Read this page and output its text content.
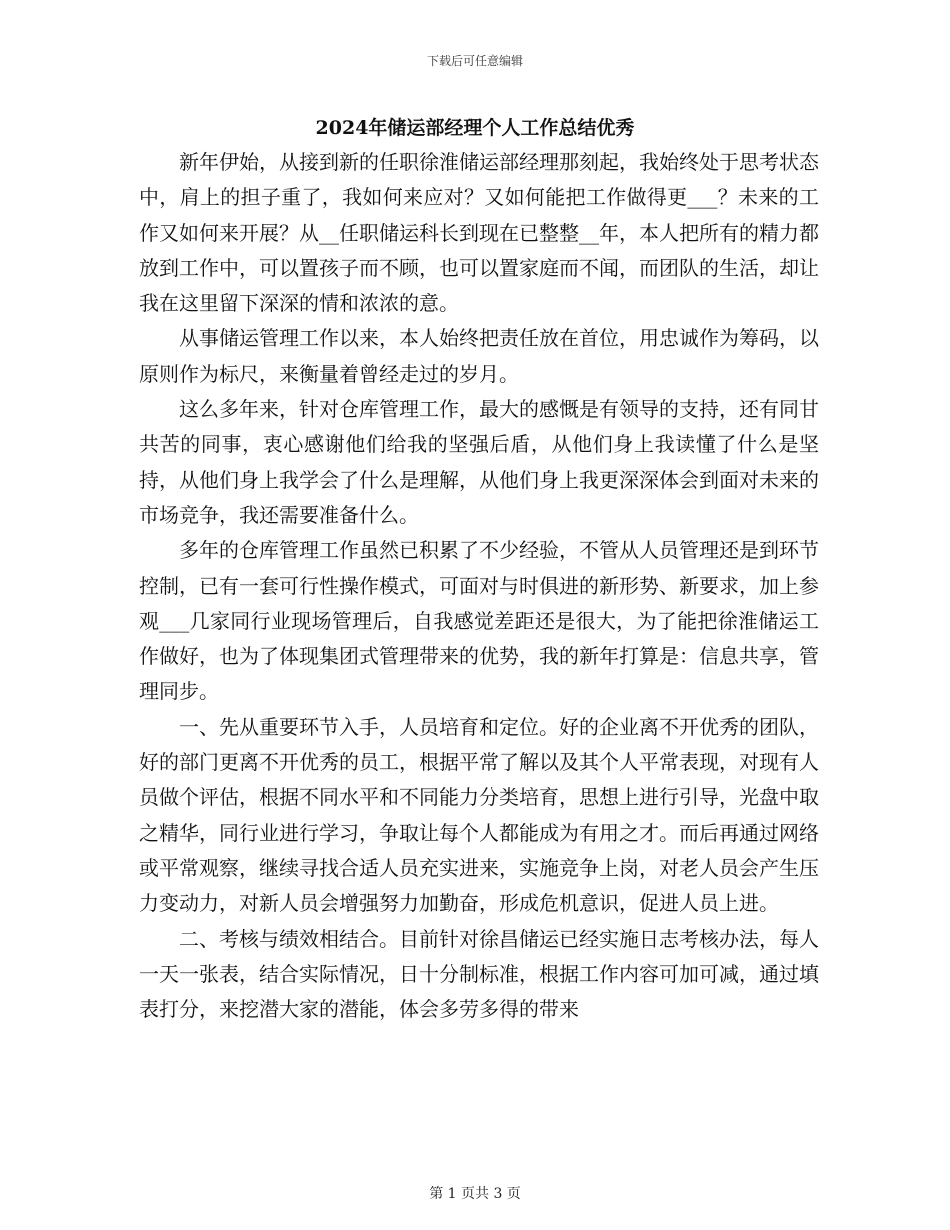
下载后可任意编辑
2024年储运部经理个人工作总结优秀

新年伊始，从接到新的任职徐淮储运部经理那刻起，我始终处于思考状态中，肩上的担子重了，我如何来应对？又如何能把工作做得更___？未来的工作又如何来开展？从__任职储运科长到现在已整整__年，本人把所有的精力都放到工作中，可以置孩子而不顾，也可以置家庭而不闻，而团队的生活，却让我在这里留下深深的情和浓浓的意。

从事储运管理工作以来，本人始终把责任放在首位，用忠诚作为筹码，以原则作为标尺，来衡量着曾经走过的岁月。

这么多年来，针对仓库管理工作，最大的感慨是有领导的支持，还有同甘共苦的同事，衷心感谢他们给我的坚强后盾，从他们身上我读懂了什么是坚持，从他们身上我学会了什么是理解，从他们身上我更深深体会到面对未来的市场竞争，我还需要准备什么。

多年的仓库管理工作虽然已积累了不少经验，不管从人员管理还是到环节控制，已有一套可行性操作模式，可面对与时俱进的新形势、新要求，加上参观___几家同行业现场管理后，自我感觉差距还是很大，为了能把徐淮储运工作做好，也为了体现集团式管理带来的优势，我的新年打算是：信息共享，管理同步。

一、先从重要环节入手，人员培育和定位。好的企业离不开优秀的团队，好的部门更离不开优秀的员工，根据平常了解以及其个人平常表现，对现有人员做个评估，根据不同水平和不同能力分类培育，思想上进行引导，光盘中取之精华，同行业进行学习，争取让每个人都能成为有用之才。而后再通过网络或平常观察，继续寻找合适人员充实进来，实施竞争上岗，对老人员会产生压力变动力，对新人员会增强努力加勤奋，形成危机意识，促进人员上进。

二、考核与绩效相结合。目前针对徐昌储运已经实施日志考核办法，每人一天一张表，结合实际情况，日十分制标准，根据工作内容可加可减，通过填表打分，来挖潜大家的潜能，体会多劳多得的带来

第 1 页共 3 页
